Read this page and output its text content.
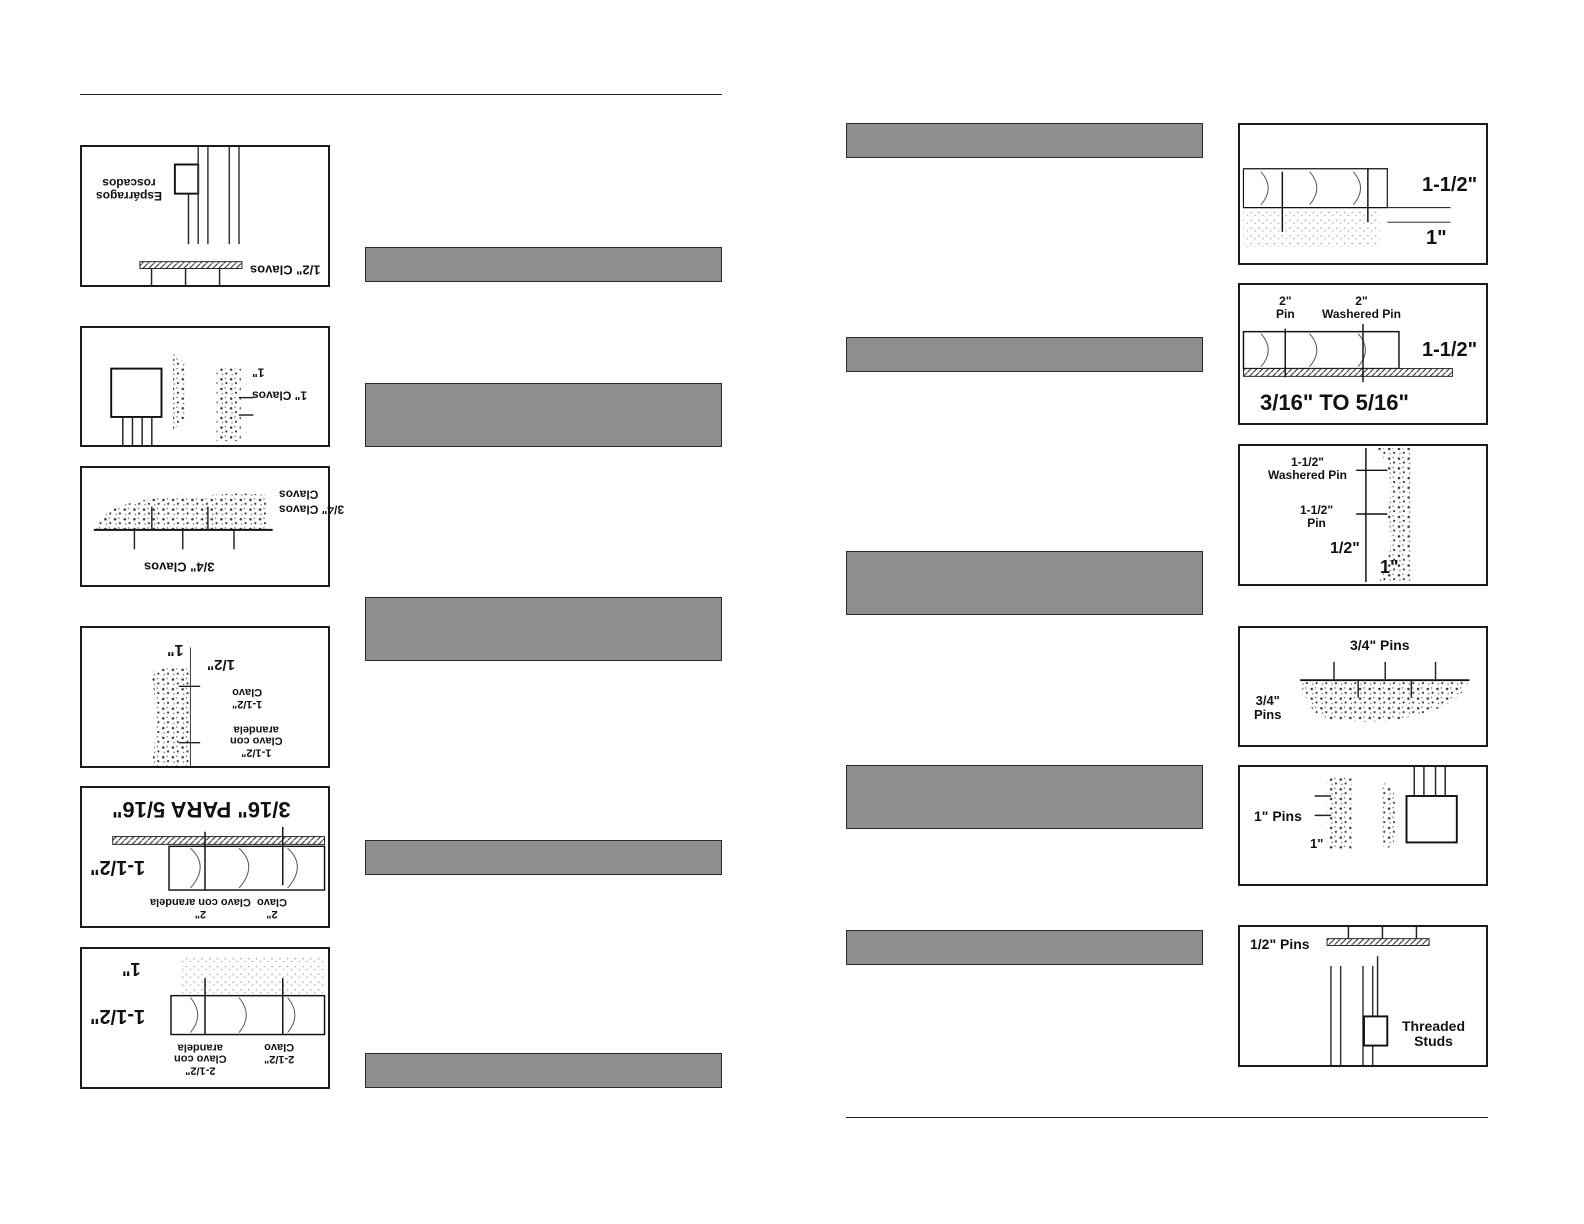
1/2" Clavos
Espárragos
roscados
1" Clavos
1"
3/4" Clavos
Clavos
3/4" Clavos
1"
1/2"
1-1/2"
Clavo
1-1/2"
Clavo con
arandela
3/16" PARA 5/16"
1-1/2"
2"
Clavo
2"
Clavo con arandela
1"
1-1/2"
2-1/2"
Clavo
2-1/2"
Clavo con
arandela
1-1/2"
1"
2"
Pin
2"
Washered Pin
1-1/2"
3/16" TO 5/16"
1-1/2"
Washered Pin
1-1/2"
Pin
1/2"
1"
3/4" Pins
3/4"
Pins
1" Pins
1"
1/2" Pins
Threaded
Studs
